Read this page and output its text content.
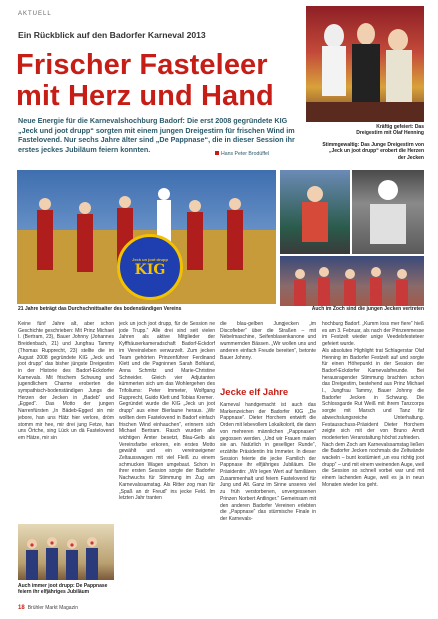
AKTUELL
Ein Rückblick auf den Badorfer Karneval 2013
Frischer Fasteleer
mit Herz und Hand
Neue Energie für die Karnevalshochburg Badorf: Die erst 2008 gegründete KIG „Jeck und joot drupp“ sorgten mit einem jungen Dreigestirn für frischen Wind im Fastelovend. Nur sechs Jahre älter sind „De Pappnase“, die in dieser Session ihr erstes jeckes Jubiläum feiern konnten.
Hans Peter Brodüffel
Kräftig gefeiert: Das Dreigestirn mit Olaf Henning
Stimmgewaltig: Das Junge Dreigestirn von „Jeck un joot drupp“ erobert die Herzen der Jecken
Jeck un joot drupp
KIG
21 Jahre beträgt das Durchschnittsalter des bodenständigen Vereins	Auch im Zoch sind die jungen Jecken vertreten
Keine fünf Jahre alt, aber schon Geschichte geschrieben: Mit Prinz Michael I. (Bertram, 23), Bauer Johnny (Johannes Breidenbach, 21) und Jungfrau Tammy (Thomas Rupprecht, 23) stellte die im August 2008 gegründete KIG „Jeck und joot drupp“ das bisher jüngste Dreigestirn in der Historie des Badorf-Eckdorfer Karnevals. Mit frischem Schwung und jugendlichem Charme eroberten die sympathisch-bodenständigen Jungs die Herzen der Jecken in „Badeb“ und „Egged“. Das Motto der jungen Narrenfürsten „In Bädeb-Egged sin mir jebore, han uns Hätz hier verlore, dröm stomm mir hee, mir drei jung Fetze, han uns Örtche, sing Lück un dä Fastelovend em Hätze, mir sin
jeck un joch joot drupp, für de Session ne jode Trupp.“ Alle drei sind seit vielen Jahren als aktive Mitglieder der Kyffhäuserkameradschaft Badorf-Eckdorf im Vereinsleben verwurzelt. Zum jecken Team gehörten Prinzenführer Ferdinand Klett und die Pagninnen Sarah Bohland, Anna Schmitz und Marie-Christine Schneider. Gleich vier Adjutanten kümmerten sich um das Wohlergehen des Trifoliums: Peter Immeter, Wolfgang Rupprecht, Guido Klett und Tobias Kremer.
Gegründet wurde die KIG „Jeck un joot drupp“ aus einer Bierlaune heraus. „Wir wollten dem Fastelovend in Badorf einfach frischen Wind einhauchen“, erinnern sich Michael Bertram. Rasch wurden alle wichtigen Ämter besetzt, Blau-Gelb als Vereinsfarbe erkoren, ein erstes Motto gewählt und ein vereinseigener Zeltausswagen mit viel Fleiß zu einem schmucken Wagen umgebaut. Schon in ihrer ersten Session sorgte der Badorfer Nachwuchs für Stimmung im Zug am Karnevalssamstag. Als Ritter zog man für „Spaß an dr Freud“ ins jecke Feld. Im letzten Jahr tranten
die blau-gelben Jungjecken „im Discofieber“ über die Straßen – mit Nebelmaschine, Seifenblasenkanone und wummernden Bässen. „Wir wollen uns und anderen einfach Freude bereiten“, betonte Bauer Johnny.
Jecke elf Jahre
Karneval handgemacht ist auch das Markenzeichen der Badorfer KIG „De Pappnase“. Dieter Horchem entwirft die Orden mit lebevollem Lokalkolorit, die dann von mehreren männlichen „Pappnasen“ gegossen werden. „Und wir Frauen malen sie an. Natürlich in geselliger Runde“, erzählte Präsidentin Iris Immeter. In dieser Session feierte die jecke Familich der Pappnase ihr elfjähriges Jubiläum. Die Präsidentin: „Wir legen Wert auf familiären Zusammenhalt und feiern Fastelovend für Jung und Alt. Ganz im Sinne unseres viel zu früh verstorbenen, unvergessenen Prinzen Norbert Antlinger.“ Gemeinsam mit den anderen Badorfer Vereinen erlebten die „Pappnase“ das stürmische Finale in der Karnevals-
hochburg Badorf. „Kumm loss mer fiere“ hieß es am 3. Februar, als nach der Prinzenmesse im Festzelt wieder unige Veedelsfesteteer gefeiert wurde.
Als absolutes Highlight trat Schlagerstar Olaf Henning im Badorfer Festzelt auf und sorgte für einen Höhepunkt in der Session der Badorf-Eckdorfer Karnevalsfreunde. Bei herausragender Stimmung brachten schon das Dreigestirn, bestehend aus Prinz Michael I., Jungfrau Tammy, Bauer Johnny die Badorfer Jecken in Schwung. Die Schlossgarde Rut Weiß mit ihrem Tanzcorps sorgte mit Marsch und Tanz für abwechslungsreiche Unterhaltung. Festausschuss-Präsident Dieter Horchem zeigte sich mit der von Bruno Arndt moderierten Veranstaltung höchst zufrieden.
Nach dem Zoch am Karnevalssamstag ließen die Badorfer Jecken nochmals die Zeltwände wackeln – bunt kostümiert „un esu richtig joot drupp“ – und mit einem weinenden Auge, weil die Session so schnell vorbei war und mit einem lachenden Auge, weil es ja in neun Monaten wieder los geht.
Auch immer joot drupp: De Pappnase feiern ihr elfjähriges Jubiläum
18 Brühler Markt Magazin
